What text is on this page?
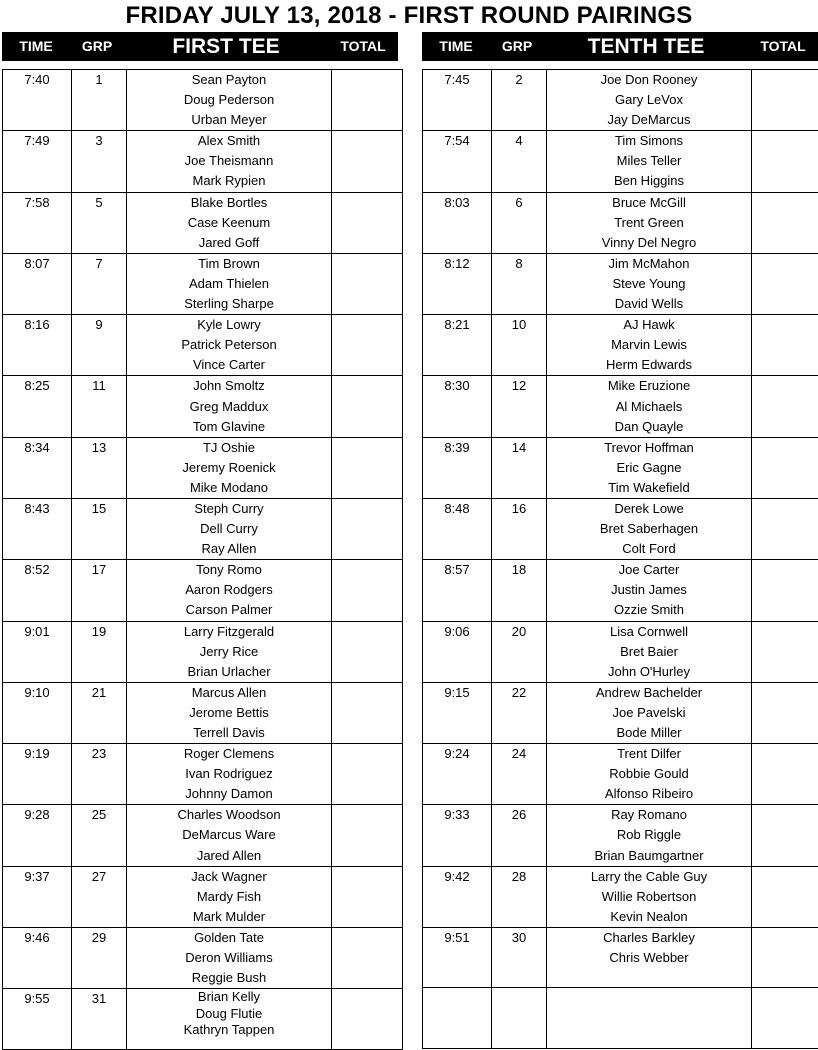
FRIDAY JULY 13, 2018 - FIRST ROUND PAIRINGS
TIME	GRP	FIRST TEE	TOTAL
7:40	1	Sean Payton
Doug Pederson
Urban Meyer	

7:49	3	Alex Smith
Joe Theismann
Mark Rypien	

7:58	5	Blake Bortles
Case Keenum
Jared Goff	

8:07	7	Tim Brown
Adam Thielen
Sterling Sharpe	

8:16	9	Kyle Lowry
Patrick Peterson
Vince Carter	

8:25	11	John Smoltz
Greg Maddux
Tom Glavine	

8:34	13	TJ Oshie
Jeremy Roenick
Mike Modano	

8:43	15	Steph Curry
Dell Curry
Ray Allen	

8:52	17	Tony Romo
Aaron Rodgers
Carson Palmer	

9:01	19	Larry Fitzgerald
Jerry Rice
Brian Urlacher	

9:10	21	Marcus Allen
Jerome Bettis
Terrell Davis	

9:19	23	Roger Clemens
Ivan Rodriguez
Johnny Damon	

9:28	25	Charles Woodson
DeMarcus Ware
Jared Allen	

9:37	27	Jack Wagner
Mardy Fish
Mark Mulder	

9:46	29	Golden Tate
Deron Williams
Reggie Bush	

9:55	31	Brian Kelly
Doug Flutie
Kathryn Tappen	

TIME	GRP	TENTH TEE	TOTAL
7:45	2	Joe Don Rooney
Gary LeVox
Jay DeMarcus	

7:54	4	Tim Simons
Miles Teller
Ben Higgins	

8:03	6	Bruce McGill
Trent Green
Vinny Del Negro	

8:12	8	Jim McMahon
Steve Young
David Wells	

8:21	10	AJ Hawk
Marvin Lewis
Herm Edwards	

8:30	12	Mike Eruzione
Al Michaels
Dan Quayle	

8:39	14	Trevor Hoffman
Eric Gagne
Tim Wakefield	

8:48	16	Derek Lowe
Bret Saberhagen
Colt Ford	

8:57	18	Joe Carter
Justin James
Ozzie Smith	

9:06	20	Lisa Cornwell
Bret Baier
John O'Hurley	

9:15	22	Andrew Bachelder
Joe Pavelski
Bode Miller	

9:24	24	Trent Dilfer
Robbie Gould
Alfonso Ribeiro	

9:33	26	Ray Romano
Rob Riggle
Brian Baumgartner	

9:42	28	Larry the Cable Guy
Willie Robertson
Kevin Nealon	

9:51	30	Charles Barkley
Chris Webber	
